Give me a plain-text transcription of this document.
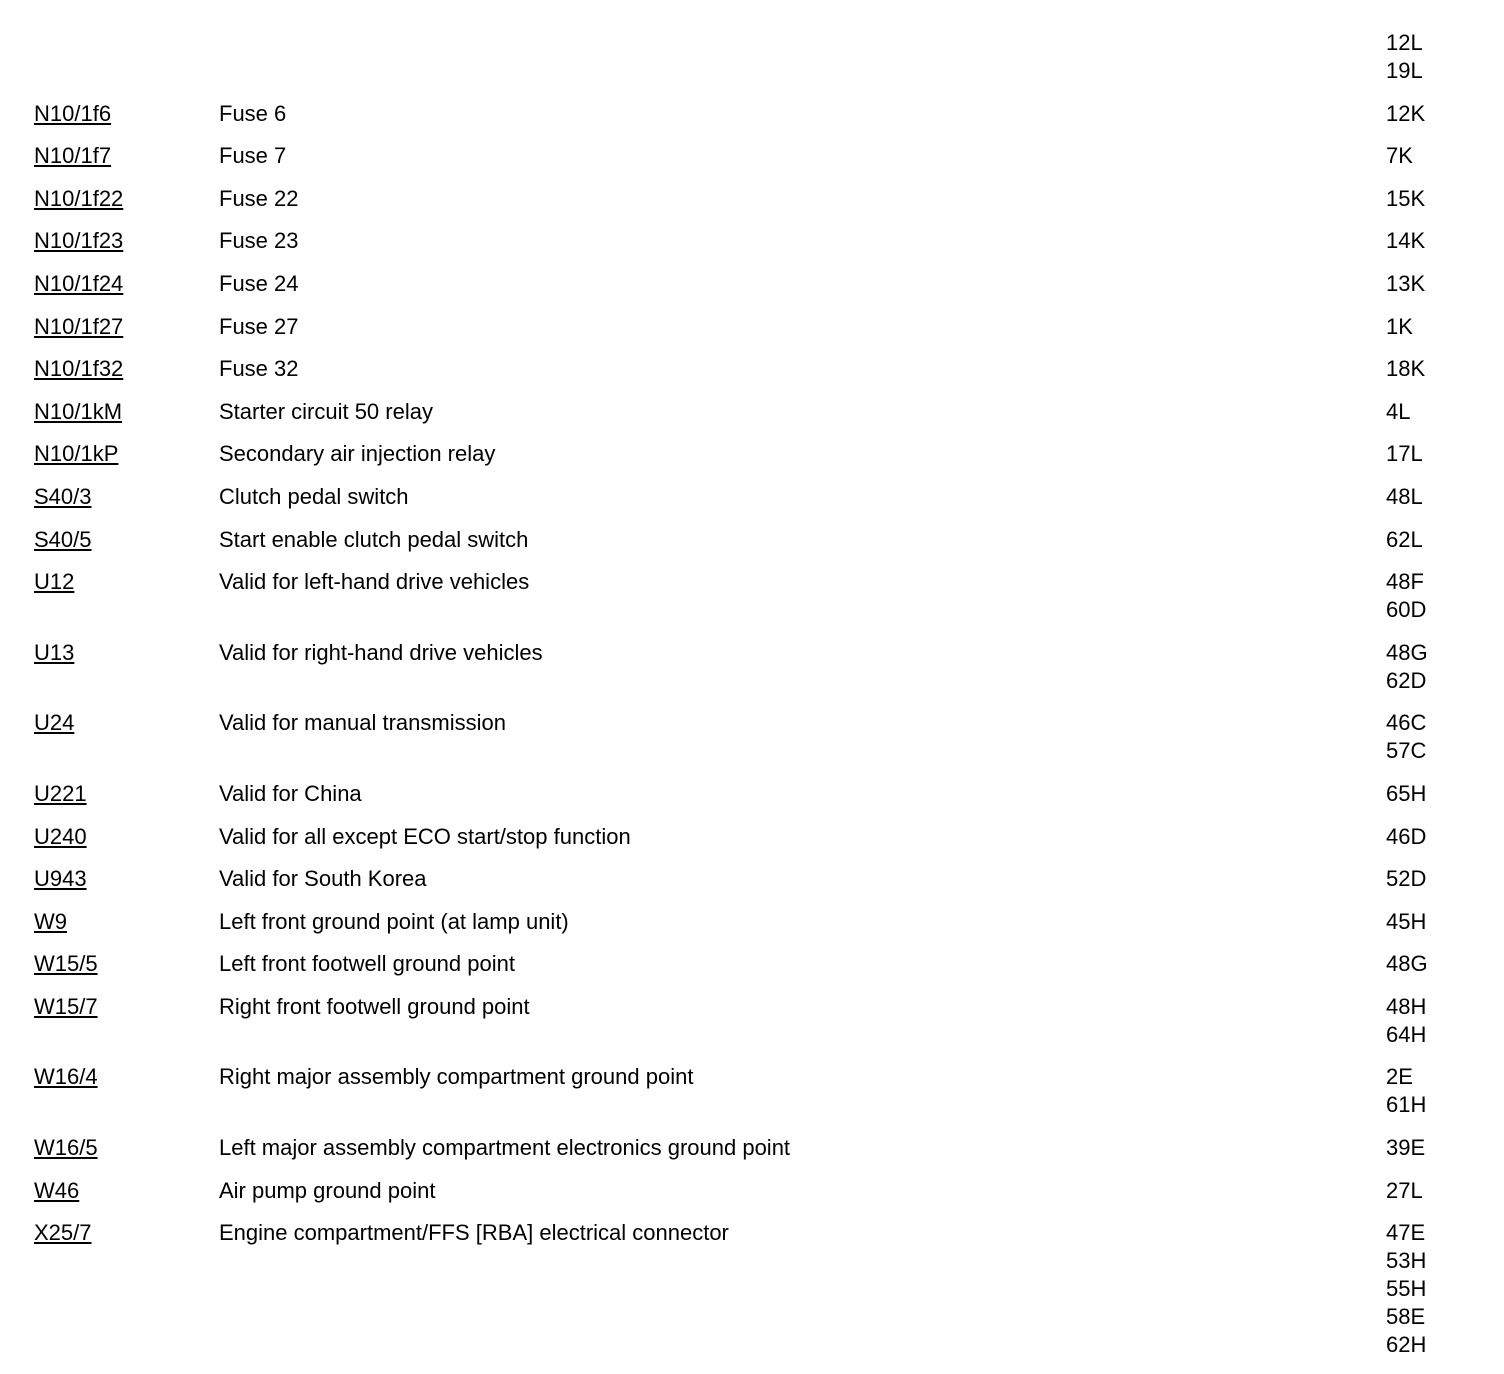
12L
19L
N10/1f6	Fuse 6	12K
N10/1f7	Fuse 7	7K
N10/1f22	Fuse 22	15K
N10/1f23	Fuse 23	14K
N10/1f24	Fuse 24	13K
N10/1f27	Fuse 27	1K
N10/1f32	Fuse 32	18K
N10/1kM	Starter circuit 50 relay	4L
N10/1kP	Secondary air injection relay	17L
S40/3	Clutch pedal switch	48L
S40/5	Start enable clutch pedal switch	62L
U12	Valid for left-hand drive vehicles	48F
60D
U13	Valid for right-hand drive vehicles	48G
62D
U24	Valid for manual transmission	46C
57C
U221	Valid for China	65H
U240	Valid for all except ECO start/stop function	46D
U943	Valid for South Korea	52D
W9	Left front ground point (at lamp unit)	45H
W15/5	Left front footwell ground point	48G
W15/7	Right front footwell ground point	48H
64H
W16/4	Right major assembly compartment ground point	2E
61H
W16/5	Left major assembly compartment electronics ground point	39E
W46	Air pump ground point	27L
X25/7	Engine compartment/FFS [RBA] electrical connector	47E
53H
55H
58E
62H
